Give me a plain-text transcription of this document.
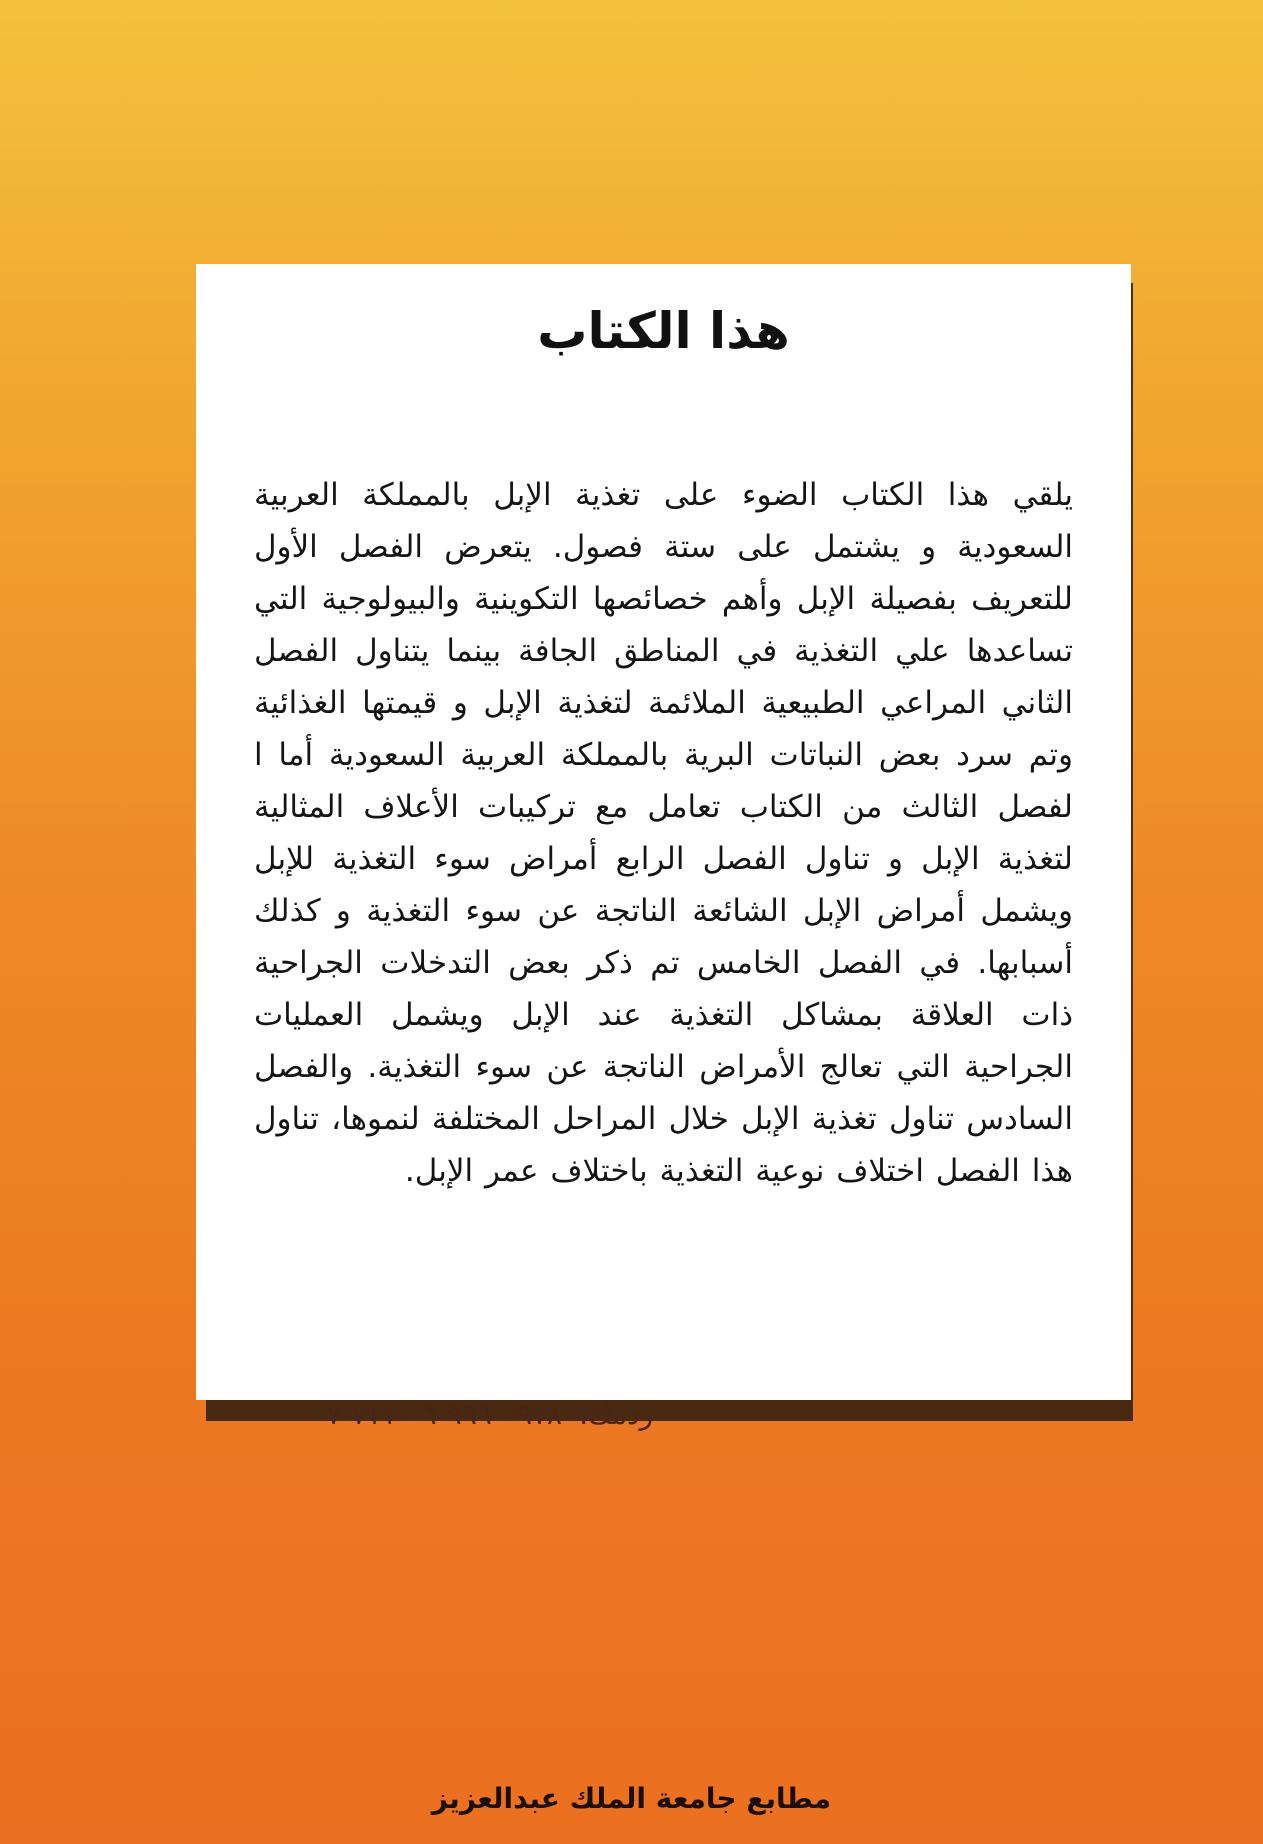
هذا الكتاب

يلقي هذا الكتاب الضوء على تغذية الإبل بالمملكة العربية السعودية و يشتمل على ستة فصول. يتعرض الفصل الأول للتعريف بفصيلة الإبل وأهم خصائصها التكوينية والبيولوجية التي تساعدها علي التغذية في المناطق الجافة بينما يتناول الفصل الثاني المراعي الطبيعية الملائمة لتغذية الإبل و قيمتها الغذائية وتم سرد بعض النباتات البرية بالمملكة العربية السعودية أما ا لفصل الثالث من الكتاب تعامل مع تركيبات الأعلاف المثالية لتغذية الإبل و تناول الفصل الرابع أمراض سوء التغذية للإبل ويشمل أمراض الإبل الشائعة الناتجة عن سوء التغذية و كذلك أسبابها. في الفصل الخامس تم ذكر بعض التدخلات الجراحية ذات العلاقة بمشاكل التغذية عند الإبل ويشمل العمليات الجراحية التي تعالج الأمراض الناتجة عن سوء التغذية. والفصل السادس تناول تغذية الإبل خلال المراحل المختلفة لنموها، تناول هذا الفصل اختلاف نوعية التغذية باختلاف عمر الإبل.

ردمك: ٩٧٨-٩٩٦٠-٠٦-٧١١-٧
مطابع جامعة الملك عبدالعزيز
